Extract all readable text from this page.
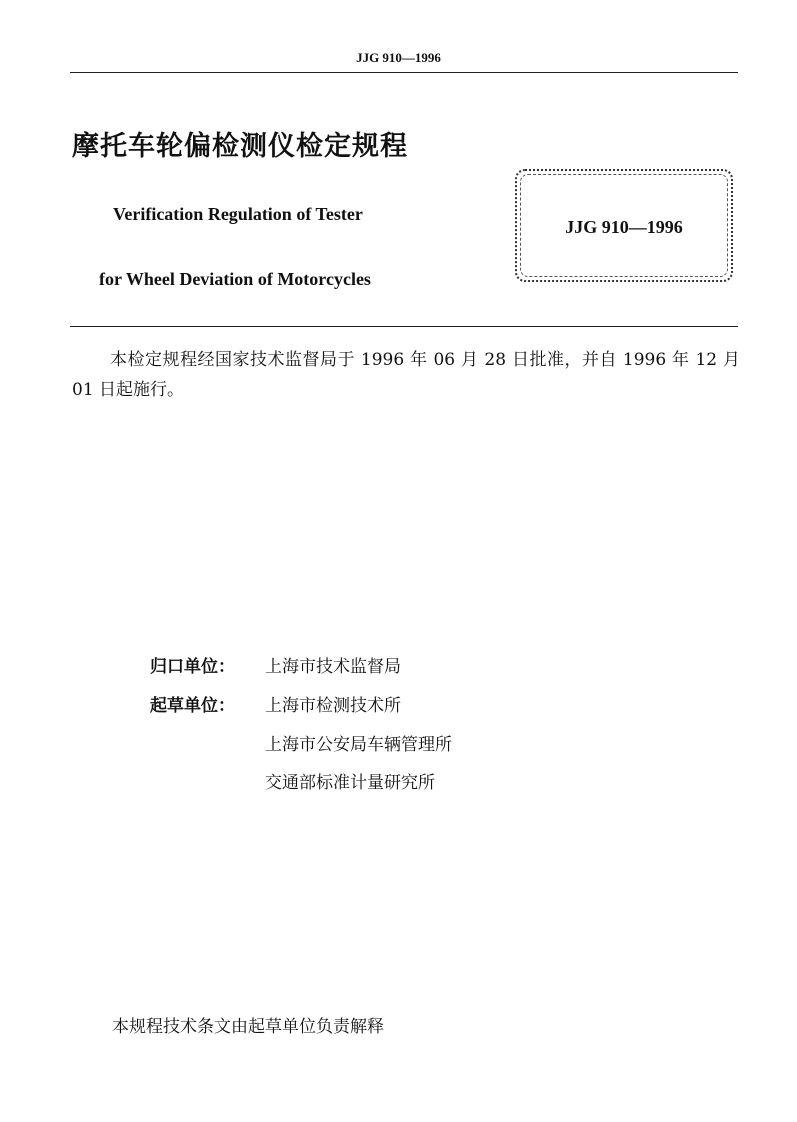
JJG 910—1996
摩托车轮偏检测仪检定规程
Verification Regulation of Tester
for Wheel Deviation of Motorcycles
JJG 910—1996
本检定规程经国家技术监督局于 1996 年 06 月 28 日批准，并自 1996 年 12 月 01 日起施行。
归口单位： 上海市技术监督局
起草单位： 上海市检测技术所
上海市公安局车辆管理所
交通部标准计量研究所
本规程技术条文由起草单位负责解释
